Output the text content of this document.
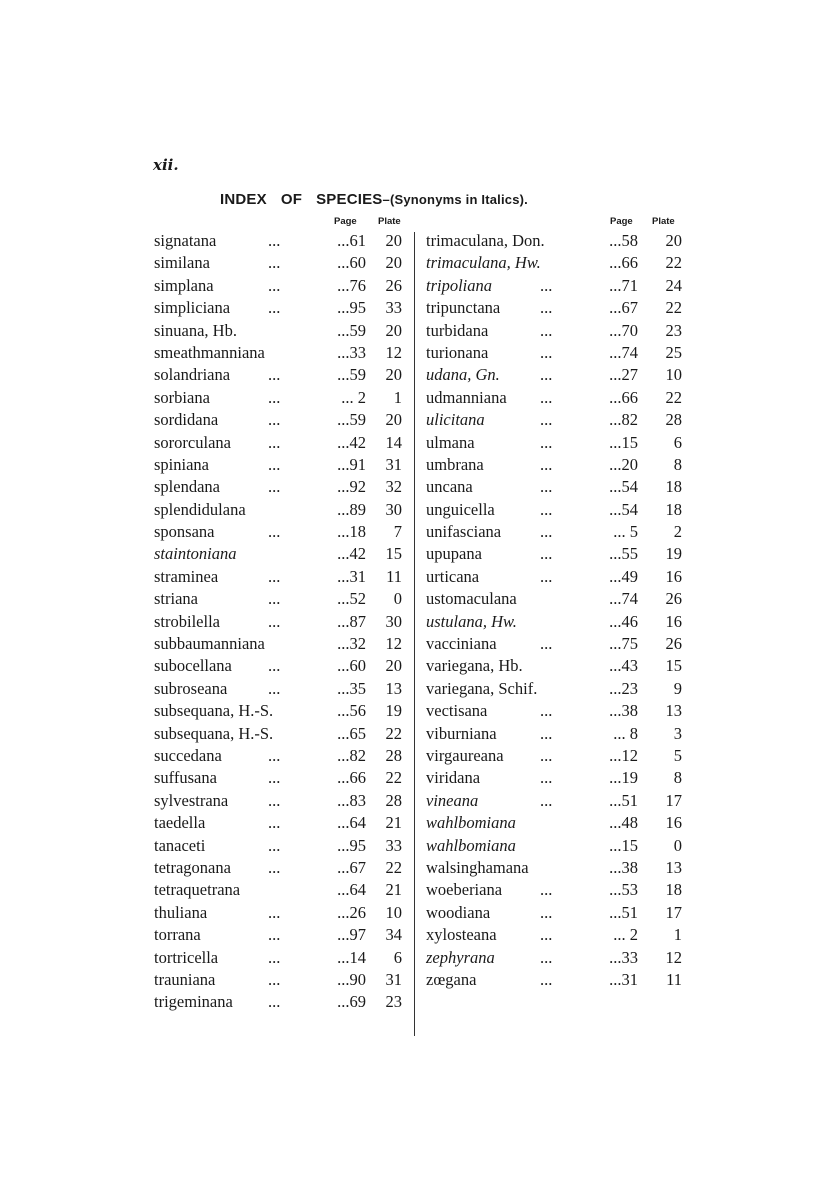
xii.
INDEX OF SPECIES–(Synonyms in Italics).
Page Plate
signatana	...	...61	20
similana	...	...60	20
simplana	...	...76	26
simpliciana ...	...95	33
sinuana, Hb.	...59	20
smeathmanniana	...33	12
solandriana ...	...59	20
sorbiana	...	... 2	1
sordidana	...	...59	20
sororculana ...	...42	14
spiniana	...	...91	31
splendana	...	...92	32
splendidulana	...89	30
sponsana	...	...18	7
staintoniana	...42	15
straminea	...	...31	11
striana	...	...52	0
strobilella	...	...87	30
subbaumanniana	...32	12
subocellana ...	...60	20
subroseana ...	...35	13
subsequana, H.-S.	...56	19
subsequana, H.-S.	...65	22
succedana	...	...82	28
suffusana	...	...66	22
sylvestrana ...	...83	28
taedella	...	...64	21
tanaceti	...	...95	33
tetragonana ...	...67	22
tetraquetrana	...64	21
thuliana	...	...26	10
torrana	...	...97	34
tortricella	...	...14	6
trauniana	...	...90	31
trigeminana ...	...69	23
Page Plate
trimaculana, Don.	...58	20
trimaculana, Hw.	...66	22
tripoliana	...	...71	24
tripunctana ...	...67	22
turbidana	...	...70	23
turionana	...	...74	25
udana, Gn. ...	...27	10
udmanniana ...	...66	22
ulicitana	...	...82	28
ulmana	...	...15	6
umbrana	...	...20	8
uncana	...	...54	18
unguicella	...	...54	18
unifasciana ...	... 5	2
upupana	...	...55	19
urticana	...	...49	16
ustomaculana	...74	26
ustulana, Hw.	...46	16
vacciniana	...	...75	26
variegana, Hb.	...43	15
variegana, Schif.	...23	9
vectisana	...	...38	13
viburniana	...	... 8	3
virgaureana ...	...12	5
viridana	...	...19	8
vineana	...	...51	17
wahlbomiana	...48	16
wahlbomiana	...15	0
walsinghamana	...38	13
woeberiana ...	...53	18
woodiana	...	...51	17
xylosteana	...	... 2	1
zephyrana	...	...33	12
zœgana	...	...31	11
